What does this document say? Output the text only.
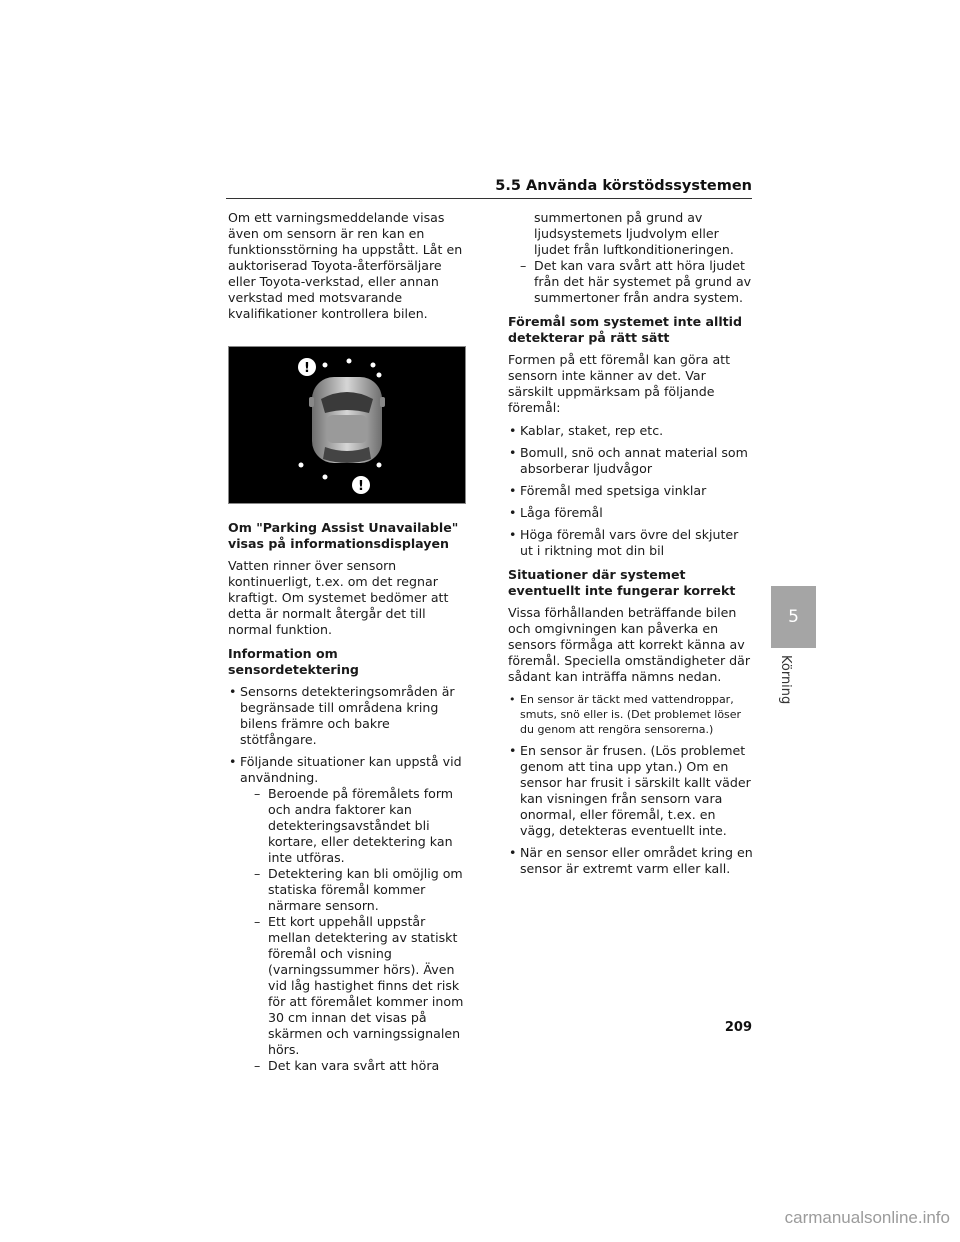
5.5 Använda körstödssystemen

Om ett varningsmeddelande visas även om sensorn är ren kan en funktionsstörning ha uppstått. Låt en auktoriserad Toyota-återförsäljare eller Toyota-verkstad, eller annan verkstad med motsvarande kvalifikationer kontrollera bilen.

!
!
Om "Parking Assist Unavailable" visas på informationsdisplayen

Vatten rinner över sensorn kontinuerligt, t.ex. om det regnar kraftigt. Om systemet bedömer att detta är normalt återgår det till normal funktion.

Information om sensordetektering
• Sensorns detekteringsområden är begränsade till områdena kring bilens främre och bakre stötfångare.
• Följande situationer kan uppstå vid användning.
– Beroende på föremålets form och andra faktorer kan detekteringsavståndet bli kortare, eller detektering kan inte utföras.
– Detektering kan bli omöjlig om statiska föremål kommer närmare sensorn.
– Ett kort uppehåll uppstår mellan detektering av statiskt föremål och visning (varningssummer hörs). Även vid låg hastighet finns det risk för att föremålet kommer inom 30 cm innan det visas på skärmen och varningssignalen hörs.
– Det kan vara svårt att höra

summertonen på grund av ljudsystemets ljudvolym eller ljudet från luftkonditioneringen.

– Det kan vara svårt att höra ljudet från det här systemet på grund av summertoner från andra system.
Föremål som systemet inte alltid detekterar på rätt sätt

Formen på ett föremål kan göra att sensorn inte känner av det. Var särskilt uppmärksam på följande föremål:

• Kablar, staket, rep etc.
• Bomull, snö och annat material som absorberar ljudvågor
• Föremål med spetsiga vinklar
• Låga föremål
• Höga föremål vars övre del skjuter ut i riktning mot din bil
Situationer där systemet eventuellt inte fungerar korrekt

Vissa förhållanden beträffande bilen och omgivningen kan påverka en sensors förmåga att korrekt känna av föremål. Speciella omständigheter där sådant kan inträffa nämns nedan.

• En sensor är täckt med vattendroppar, smuts, snö eller is. (Det problemet löser du genom att rengöra sensorerna.)
• En sensor är frusen. (Lös problemet genom att tina upp ytan.) Om en sensor har frusit i särskilt kallt väder kan visningen från sensorn vara onormal, eller föremål, t.ex. en vägg, detekteras eventuellt inte.
• När en sensor eller området kring en sensor är extremt varm eller kall.
5
Körning
209
carmanualsonline.info
